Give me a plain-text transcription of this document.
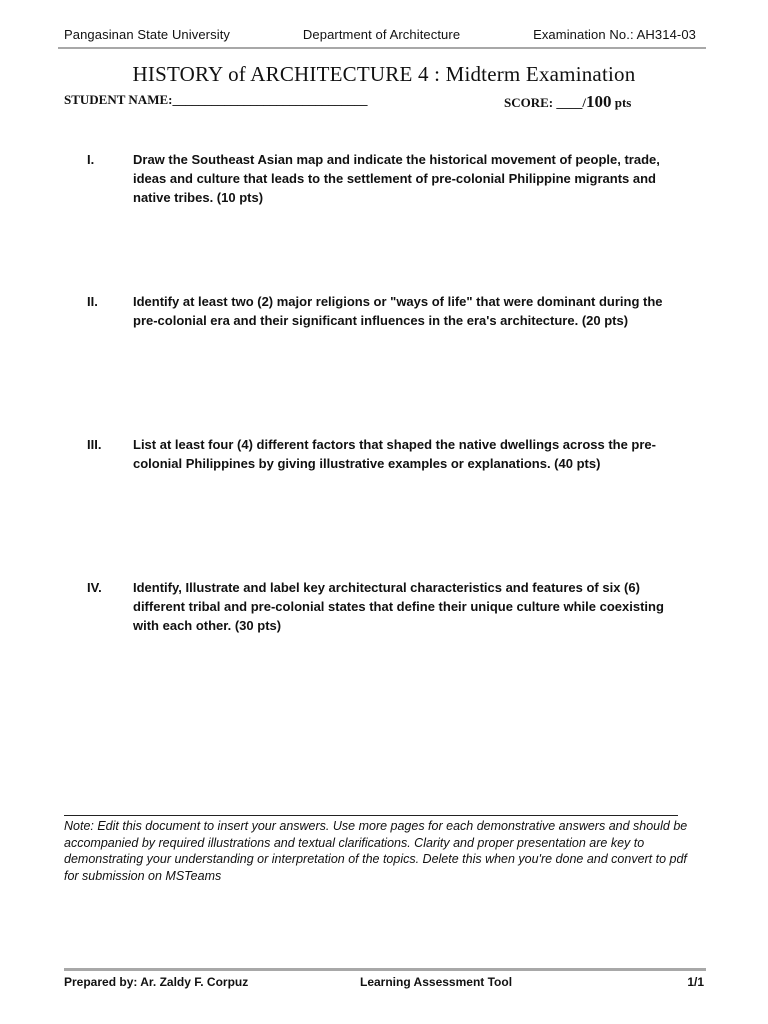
Pangasinan State University	Department of Architecture	Examination No.: AH314-03
HISTORY of ARCHITECTURE 4 : Midterm Examination
STUDENT NAME:______________________________	SCORE: ____/100 pts
I.	Draw the Southeast Asian map and indicate the historical movement of people, trade, ideas and culture that leads to the settlement of pre-colonial Philippine migrants and native tribes. (10 pts)
II.	Identify at least two (2) major religions or "ways of life" that were dominant during the pre-colonial era and their significant influences in the era's architecture. (20 pts)
III.	List at least four (4) different factors that shaped the native dwellings across the pre-colonial Philippines by giving illustrative examples or explanations. (40 pts)
IV.	Identify, Illustrate and label key architectural characteristics and features of six (6) different tribal and pre-colonial states that define their unique culture while coexisting with each other. (30 pts)
Note: Edit this document to insert your answers. Use more pages for each demonstrative answers and should be accompanied by required illustrations and textual clarifications. Clarity and proper presentation are key to demonstrating your understanding or interpretation of the topics. Delete this when you're done and convert to pdf for submission on MSTeams
Prepared by: Ar. Zaldy F. Corpuz	Learning Assessment Tool	1/1
